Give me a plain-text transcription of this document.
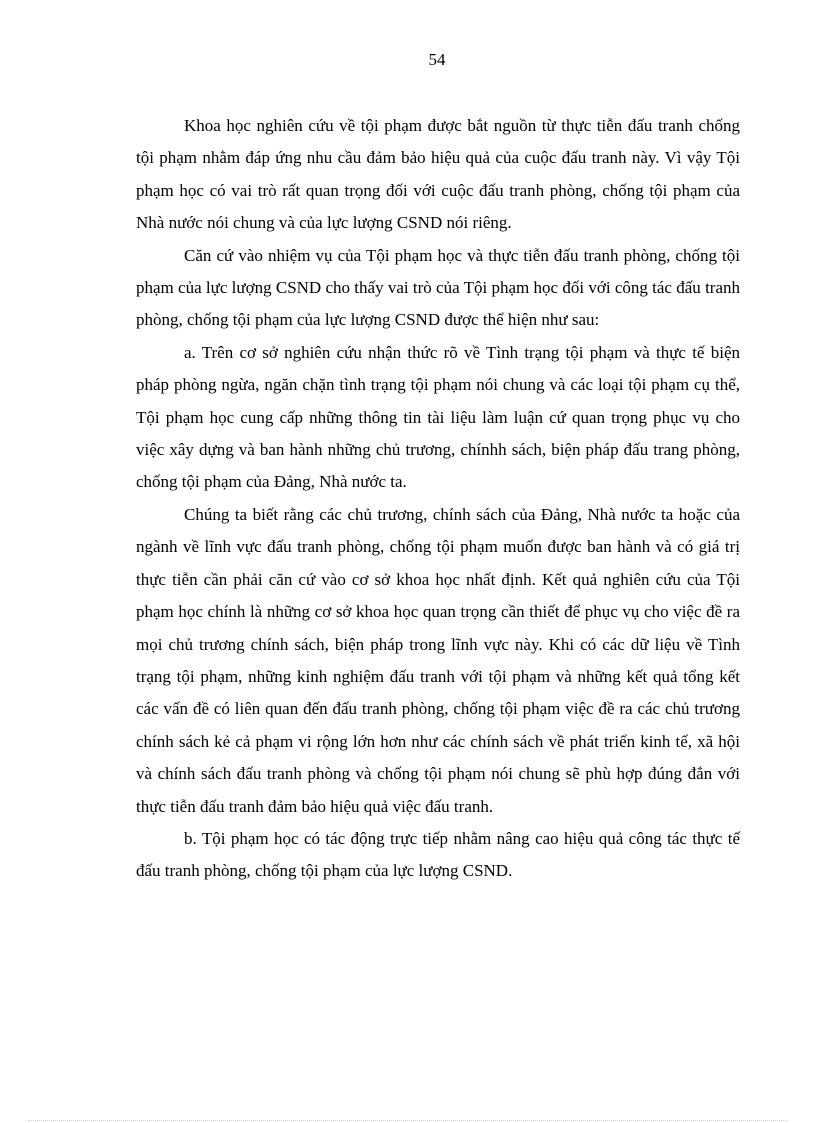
54

Khoa học nghiên cứu về tội phạm được bắt nguồn từ thực tiễn đấu tranh chống tội phạm nhằm đáp ứng nhu cầu đảm bảo hiệu quả của cuộc đấu tranh này. Vì vậy Tội phạm học có vai trò rất quan trọng đối với cuộc đấu tranh phòng, chống tội phạm của Nhà nước nói chung và của lực lượng CSND nói riêng.

Căn cứ vào nhiệm vụ của Tội phạm học và thực tiễn đấu tranh phòng, chống tội phạm của lực lượng CSND cho thấy vai trò của Tội phạm học đối với công tác đấu tranh phòng, chống tội phạm của lực lượng CSND được thể hiện như sau:

a. Trên cơ sở nghiên cứu nhận thức rõ về Tình trạng tội phạm và thực tế biện pháp phòng ngừa, ngăn chặn tình trạng tội phạm nói chung và các loại tội phạm cụ thể, Tội phạm học cung cấp những thông tin tài liệu làm luận cứ quan trọng phục vụ cho việc xây dựng và ban hành những chủ trương, chínhh sách, biện pháp đấu trang phòng, chống tội phạm của Đảng, Nhà nước ta.

Chúng ta biết rằng các chủ trương, chính sách của Đảng, Nhà nước ta hoặc của ngành về lĩnh vực đấu tranh phòng, chống tội phạm muốn được ban hành và có giá trị thực tiễn cần phải căn cứ vào cơ sở khoa học nhất định. Kết quả nghiên cứu của Tội phạm học chính là những cơ sở khoa học quan trọng cần thiết để phục vụ cho việc đề ra mọi chủ trương chính sách, biện pháp trong lĩnh vực này. Khi có các dữ liệu về Tình trạng tội phạm, những kinh nghiệm đấu tranh với tội phạm và những kết quả tổng kết các vấn đề có liên quan đến đấu tranh phòng, chống tội phạm việc đề ra các chủ trương chính sách kẻ cả phạm vi rộng lớn hơn như các chính sách về phát triển kinh tế, xã hội và chính sách đấu tranh phòng và chống tội phạm nói chung sẽ phù hợp đúng đắn với thực tiễn đấu tranh đảm bảo hiệu quả việc đấu tranh.

b. Tội phạm học có tác động trực tiếp nhằm nâng cao hiệu quả công tác thực tế đấu tranh phòng, chống tội phạm của lực lượng CSND.
